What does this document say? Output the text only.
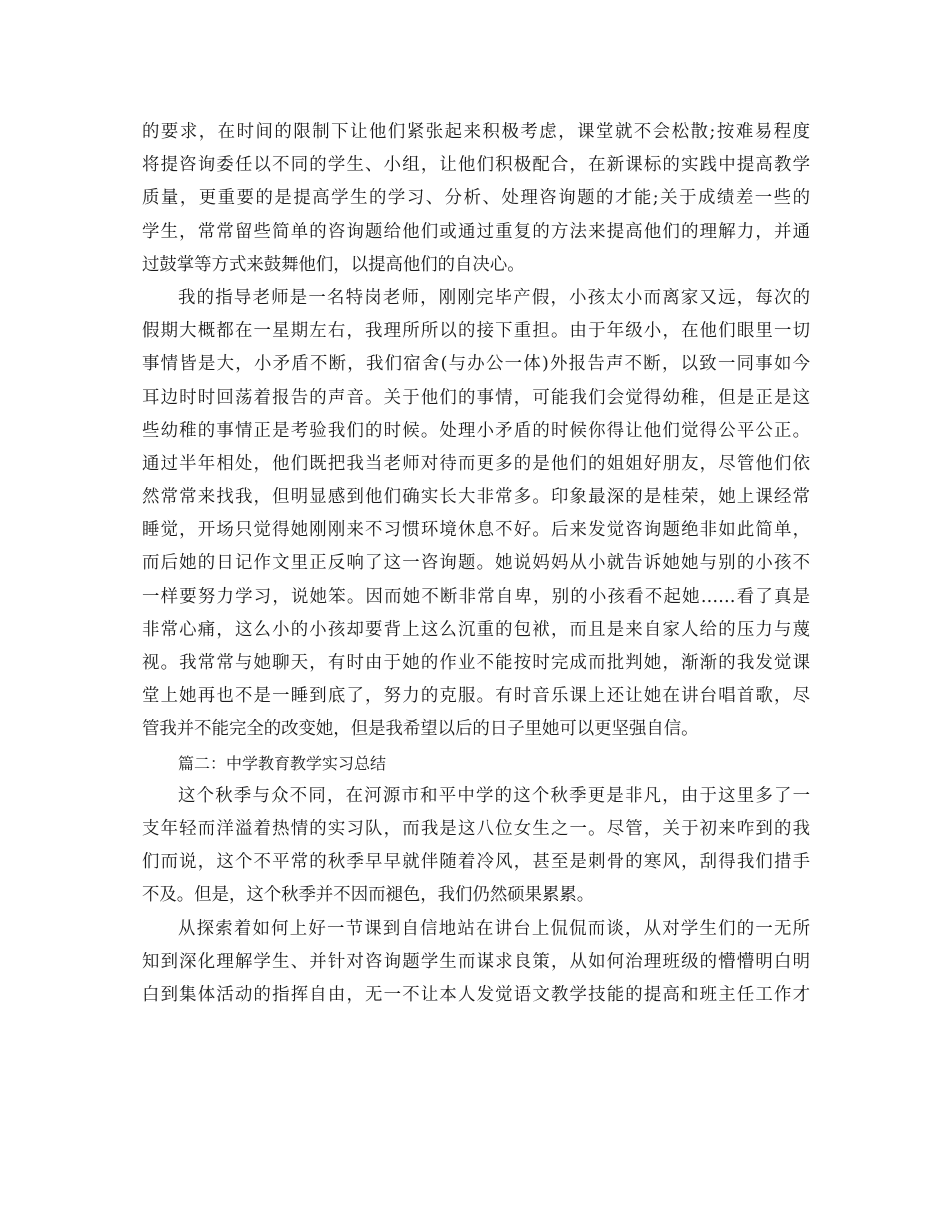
的要求，在时间的限制下让他们紧张起来积极考虑，课堂就不会松散;按难易程度
将提咨询委任以不同的学生、小组，让他们积极配合，在新课标的实践中提高教学
质量，更重要的是提高学生的学习、分析、处理咨询题的才能;关于成绩差一些的
学生，常常留些简单的咨询题给他们或通过重复的方法来提高他们的理解力，并通
过鼓掌等方式来鼓舞他们，以提高他们的自决心。
我的指导老师是一名特岗老师，刚刚完毕产假，小孩太小而离家又远，每次的
假期大概都在一星期左右，我理所所以的接下重担。由于年级小，在他们眼里一切
事情皆是大，小矛盾不断，我们宿舍(与办公一体)外报告声不断，以致一同事如今
耳边时时回荡着报告的声音。关于他们的事情，可能我们会觉得幼稚，但是正是这
些幼稚的事情正是考验我们的时候。处理小矛盾的时候你得让他们觉得公平公正。
通过半年相处，他们既把我当老师对待而更多的是他们的姐姐好朋友，尽管他们依
然常常来找我，但明显感到他们确实长大非常多。印象最深的是桂荣，她上课经常
睡觉，开场只觉得她刚刚来不习惯环境休息不好。后来发觉咨询题绝非如此简单，
而后她的日记作文里正反响了这一咨询题。她说妈妈从小就告诉她她与别的小孩不
一样要努力学习，说她笨。因而她不断非常自卑，别的小孩看不起她……看了真是
非常心痛，这么小的小孩却要背上这么沉重的包袱，而且是来自家人给的压力与蔑
视。我常常与她聊天，有时由于她的作业不能按时完成而批判她，渐渐的我发觉课
堂上她再也不是一睡到底了，努力的克服。有时音乐课上还让她在讲台唱首歌，尽
管我并不能完全的改变她，但是我希望以后的日子里她可以更坚强自信。
篇二：中学教育教学实习总结
这个秋季与众不同，在河源市和平中学的这个秋季更是非凡，由于这里多了一
支年轻而洋溢着热情的实习队，而我是这八位女生之一。尽管，关于初来咋到的我
们而说，这个不平常的秋季早早就伴随着冷风，甚至是刺骨的寒风，刮得我们措手
不及。但是，这个秋季并不因而褪色，我们仍然硕果累累。
从探索着如何上好一节课到自信地站在讲台上侃侃而谈，从对学生们的一无所
知到深化理解学生、并针对咨询题学生而谋求良策，从如何治理班级的懵懵明白明
白到集体活动的指挥自由，无一不让本人发觉语文教学技能的提高和班主任工作才
